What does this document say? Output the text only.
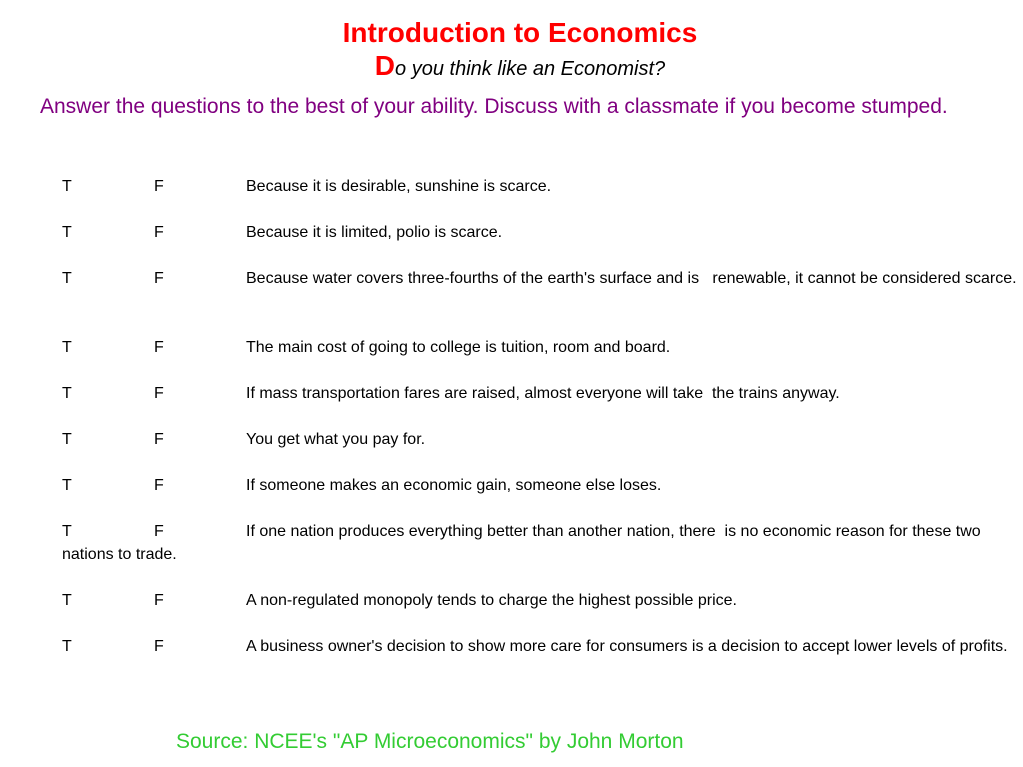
Introduction to Economics
Do you think like an Economist?

Answer the questions to the best of your ability. Discuss with a classmate if you become stumped.

T	F	Because it is desirable, sunshine is scarce.
T	F	Because it is limited, polio is scarce.
T	F	Because water covers three-fourths of the earth's surface and is   renewable, it cannot be considered scarce.
T	F	The main cost of going to college is tuition, room and board.
T	F	If mass transportation fares are raised, almost everyone will take  the trains anyway.
T	F	You get what you pay for.
T	F	If someone makes an economic gain, someone else loses.
T	F	If one nation produces everything better than another nation, there  is no economic reason for these two nations to trade.
T	F	A non-regulated monopoly tends to charge the highest possible price.
T	F	A business owner's decision to show more care for consumers is a decision to accept lower levels of profits.

Source: NCEE's "AP Microeconomics" by John Morton
